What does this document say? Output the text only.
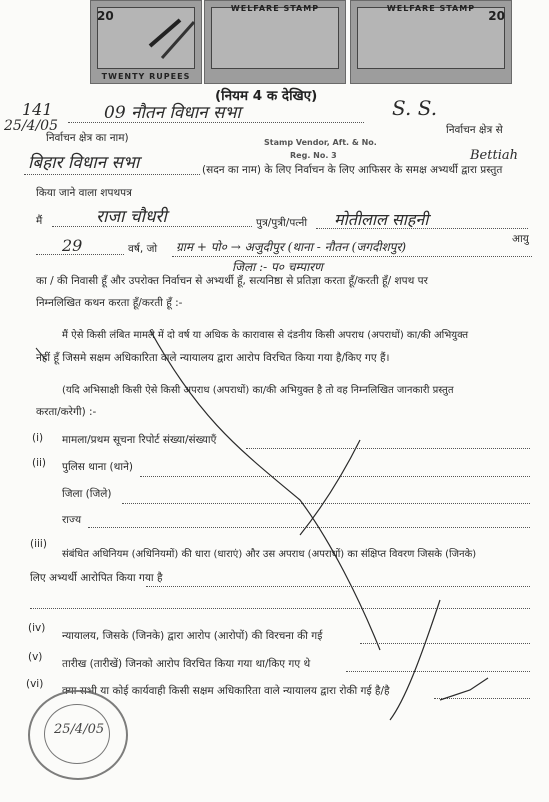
20
TWENTY RUPEES
WELFARE STAMP	WELFARE STAMP
20
(नियम 4 क देखिए)
141
25/4/05
09 नौतन विधान सभा	S. S.
निर्वाचन क्षेत्र का नाम)	Stamp Vendor, Aft. & No.
Reg. No. 3
निर्वाचन क्षेत्र से
Bettiah
बिहार विधान सभा	(सदन का नाम) के लिए निर्वाचन के लिए आफिसर के समक्ष अभ्यर्थी द्वारा प्रस्तुत
किया जाने वाला शपथपत्र
मैं	राजा चौधरी	पुत्र/पुत्री/पत्नी मोतीलाल साहनी
29	वर्ष, जो
आयु
ग्राम + पो० → अजुदीपुर (थाना - नौतन (जगदीशपुर)
जिला :- प० चम्पारण
का / की निवासी हूँ और उपरोक्त निर्वाचन से अभ्यर्थी हूँ, सत्यनिष्ठा से प्रतिज्ञा करता हूँ/करती हूँ/ शपथ पर
निम्नलिखित कथन करता हूँ/करती हूँ :-
मैं ऐसे किसी लंबित मामले में दो वर्ष या अधिक के कारावास से दंडनीय किसी अपराध (अपराधों) का/की अभियुक्त
नहीं हूँ जिसमे सक्षम अधिकारिता वाले न्यायालय द्वारा आरोप विरचित किया गया है/किए गए हैं।
(यदि अभिसाक्षी किसी ऐसे किसी अपराध (अपराधों) का/की अभियुक्त है तो वह निम्नलिखित जानकारी प्रस्तुत
करता/करेगी) :-
(i) मामला/प्रथम सूचना रिपोर्ट संख्या/संख्याएँ
(ii) पुलिस थाना (थाने)
जिला (जिले)
राज्य
(iii)
संबंधित अधिनियम (अधिनियमों) की धारा (धाराएं) और उस अपराध (अपराधों) का संक्षिप्त विवरण जिसके (जिनके)
लिए अभ्यर्थी आरोपित किया गया है
(iv)
न्यायालय, जिसके (जिनके) द्वारा आरोप (आरोपों) की विरचना की गई
(v)
तारीख (तारीखें) जिनको आरोप विरचित किया गया था/किए गए थे
(vi)
क्या सभी या कोई कार्यवाही किसी सक्षम अधिकारिता वाले न्यायालय द्वारा रोकी गई है/है
25/4/05
